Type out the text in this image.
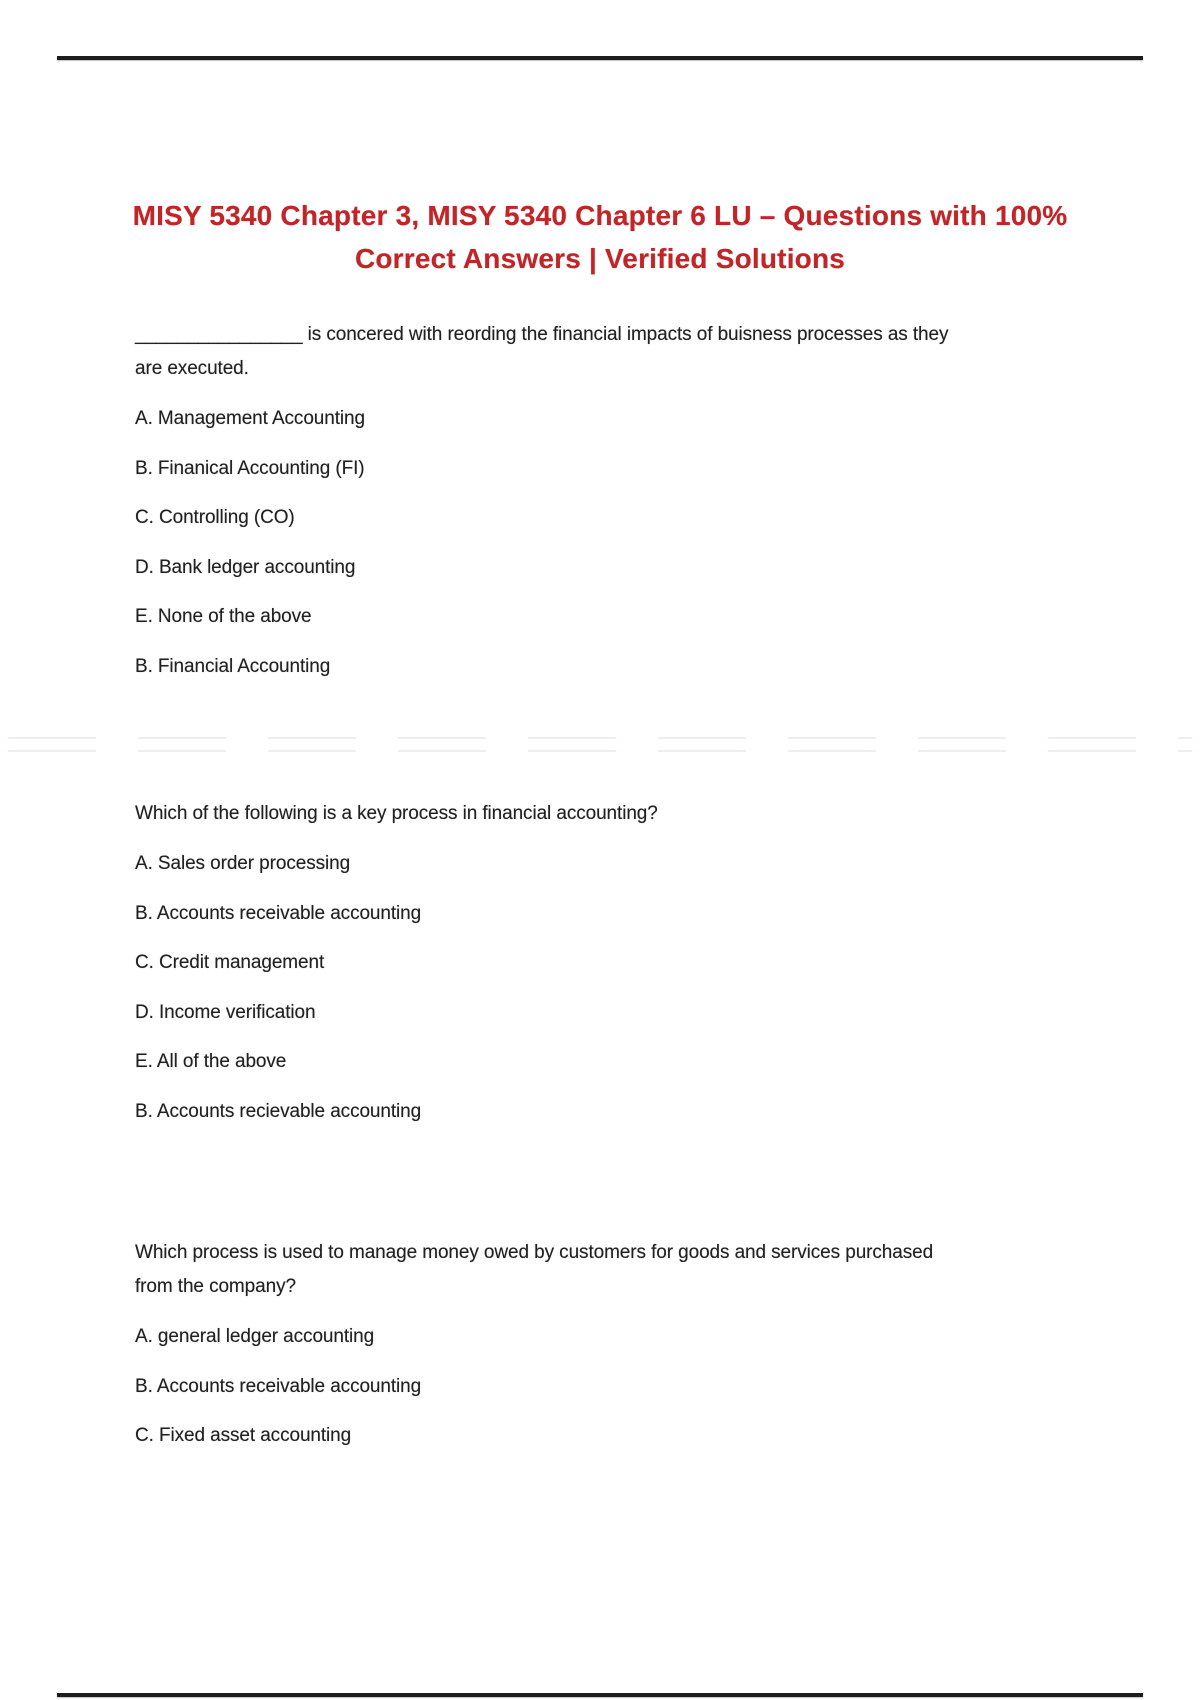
MISY 5340 Chapter 3, MISY 5340 Chapter 6 LU – Questions with 100%
Correct Answers | Verified Solutions

________________ is concered with reording the financial impacts of buisness processes as they
are executed.

A. Management Accounting

B. Finanical Accounting (FI)

C. Controlling (CO)

D. Bank ledger accounting

E. None of the above

B. Financial Accounting

Which of the following is a key process in financial accounting?

A. Sales order processing

B. Accounts receivable accounting

C. Credit management

D. Income verification

E. All of the above

B. Accounts recievable accounting

Which process is used to manage money owed by customers for goods and services purchased
from the company?

A. general ledger accounting

B. Accounts receivable accounting

C. Fixed asset accounting
